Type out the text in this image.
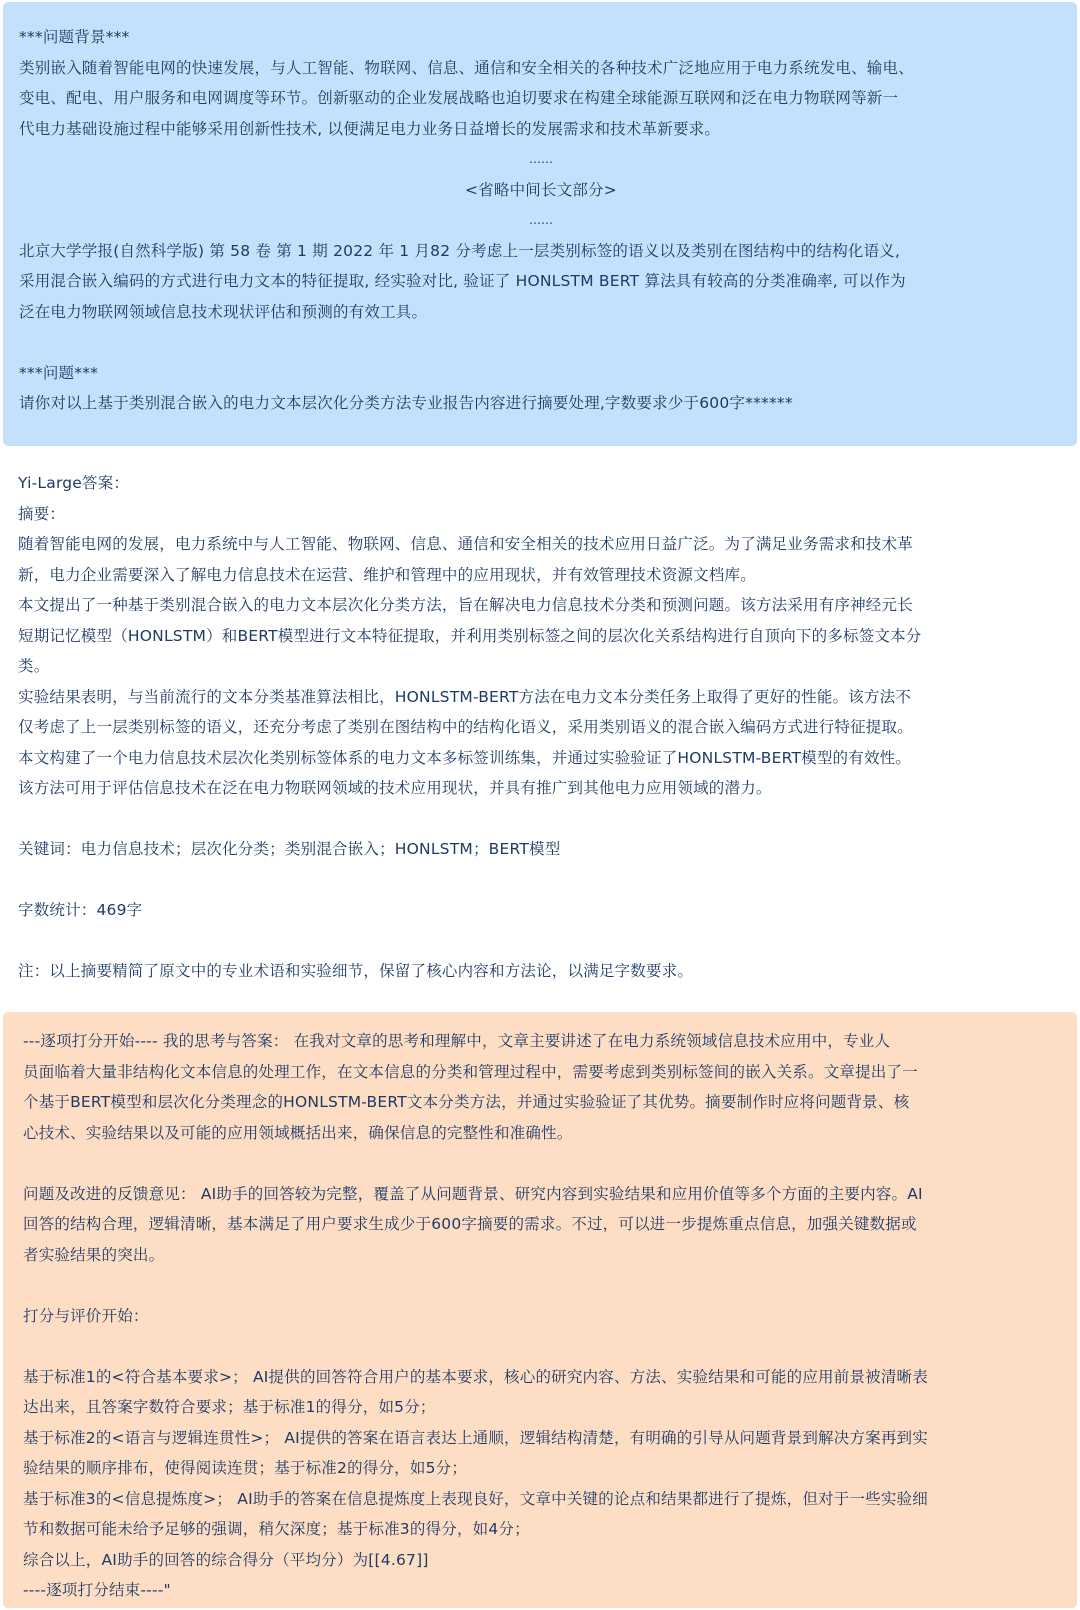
***问题背景***
类别嵌入随着智能电网的快速发展，与人工智能、物联网、信息、通信和安全相关的各种技术广泛地应用于电力系统发电、输电、
变电、配电、用户服务和电网调度等环节。创新驱动的企业发展战略也迫切要求在构建全球能源互联网和泛在电力物联网等新一
代电力基础设施过程中能够采用创新性技术, 以便满足电力业务日益增长的发展需求和技术革新要求。
……
<省略中间长文部分>
……
北京大学学报(自然科学版) 第 58 卷 第 1 期 2022 年 1 月82 分考虑上一层类别标签的语义以及类别在图结构中的结构化语义,
采用混合嵌入编码的方式进行电力文本的特征提取, 经实验对比, 验证了 HONLSTM BERT 算法具有较高的分类准确率, 可以作为
泛在电力物联网领域信息技术现状评估和预测的有效工具。
***问题***
请你对以上基于类别混合嵌入的电力文本层次化分类方法专业报告内容进行摘要处理,字数要求少于600字******
Yi-Large答案：
摘要：
随着智能电网的发展，电力系统中与人工智能、物联网、信息、通信和安全相关的技术应用日益广泛。为了满足业务需求和技术革
新，电力企业需要深入了解电力信息技术在运营、维护和管理中的应用现状，并有效管理技术资源文档库。
本文提出了一种基于类别混合嵌入的电力文本层次化分类方法，旨在解决电力信息技术分类和预测问题。该方法采用有序神经元长
短期记忆模型（HONLSTM）和BERT模型进行文本特征提取，并利用类别标签之间的层次化关系结构进行自顶向下的多标签文本分
类。
实验结果表明，与当前流行的文本分类基准算法相比，HONLSTM-BERT方法在电力文本分类任务上取得了更好的性能。该方法不
仅考虑了上一层类别标签的语义，还充分考虑了类别在图结构中的结构化语义，采用类别语义的混合嵌入编码方式进行特征提取。
本文构建了一个电力信息技术层次化类别标签体系的电力文本多标签训练集，并通过实验验证了HONLSTM-BERT模型的有效性。
该方法可用于评估信息技术在泛在电力物联网领域的技术应用现状，并具有推广到其他电力应用领域的潜力。
关键词：电力信息技术；层次化分类；类别混合嵌入；HONLSTM；BERT模型
字数统计：469字
注：以上摘要精简了原文中的专业术语和实验细节，保留了核心内容和方法论，以满足字数要求。
---逐项打分开始---- 我的思考与答案： 在我对文章的思考和理解中，文章主要讲述了在电力系统领域信息技术应用中，专业人
员面临着大量非结构化文本信息的处理工作，在文本信息的分类和管理过程中，需要考虑到类别标签间的嵌入关系。文章提出了一
个基于BERT模型和层次化分类理念的HONLSTM-BERT文本分类方法，并通过实验验证了其优势。摘要制作时应将问题背景、核
心技术、实验结果以及可能的应用领域概括出来，确保信息的完整性和准确性。
问题及改进的反馈意见： AI助手的回答较为完整，覆盖了从问题背景、研究内容到实验结果和应用价值等多个方面的主要内容。AI
回答的结构合理，逻辑清晰，基本满足了用户要求生成少于600字摘要的需求。不过，可以进一步提炼重点信息，加强关键数据或
者实验结果的突出。
打分与评价开始：
基于标准1的<符合基本要求>； AI提供的回答符合用户的基本要求，核心的研究内容、方法、实验结果和可能的应用前景被清晰表
达出来，且答案字数符合要求；基于标准1的得分，如5分；
基于标准2的<语言与逻辑连贯性>； AI提供的答案在语言表达上通顺，逻辑结构清楚，有明确的引导从问题背景到解决方案再到实
验结果的顺序排布，使得阅读连贯；基于标准2的得分，如5分；
基于标准3的<信息提炼度>； AI助手的答案在信息提炼度上表现良好，文章中关键的论点和结果都进行了提炼，但对于一些实验细
节和数据可能未给予足够的强调，稍欠深度；基于标准3的得分，如4分；
综合以上，AI助手的回答的综合得分（平均分）为[[4.67]]
----逐项打分结束----"
